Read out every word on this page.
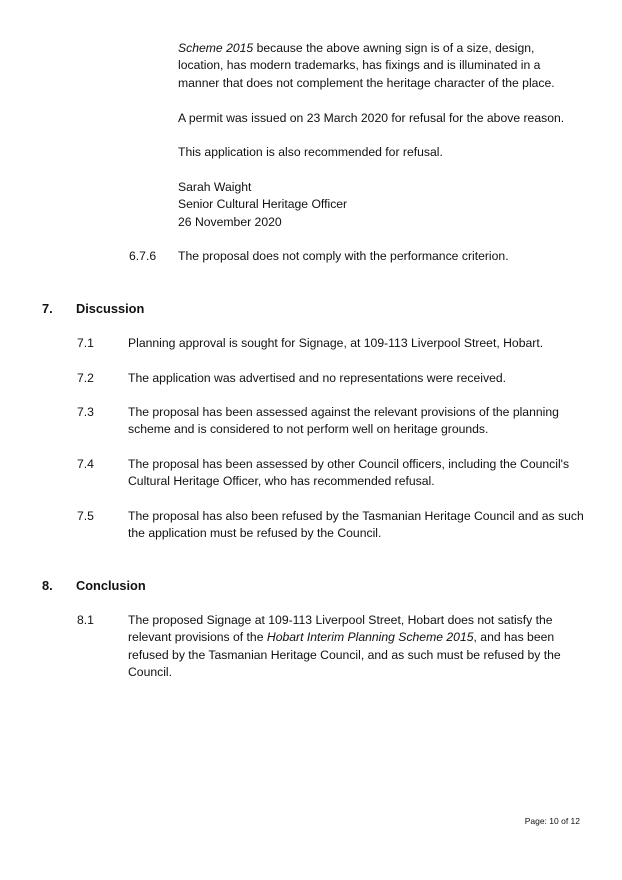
Scheme 2015 because the above awning sign is of a size, design, location, has modern trademarks, has fixings and is illuminated in a manner that does not complement the heritage character of the place.

A permit was issued on 23 March 2020 for refusal for the above reason.

This application is also recommended for refusal.

Sarah Waight
Senior Cultural Heritage Officer
26 November 2020
6.7.6 The proposal does not comply with the performance criterion.

7. Discussion
7.1	Planning approval is sought for Signage, at 109-113 Liverpool Street, Hobart.

7.2	The application was advertised and no representations were received.

7.3	The proposal has been assessed against the relevant provisions of the planning scheme and is considered to not perform well on heritage grounds.

7.4	The proposal has been assessed by other Council officers, including the Council's Cultural Heritage Officer, who has recommended refusal.

7.5	The proposal has also been refused by the Tasmanian Heritage Council and as such the application must be refused by the Council.

8. Conclusion
8.1	The proposed Signage at 109-113 Liverpool Street, Hobart does not satisfy the relevant provisions of the Hobart Interim Planning Scheme 2015, and has been refused by the Tasmanian Heritage Council, and as such must be refused by the Council.

Page: 10 of 12
